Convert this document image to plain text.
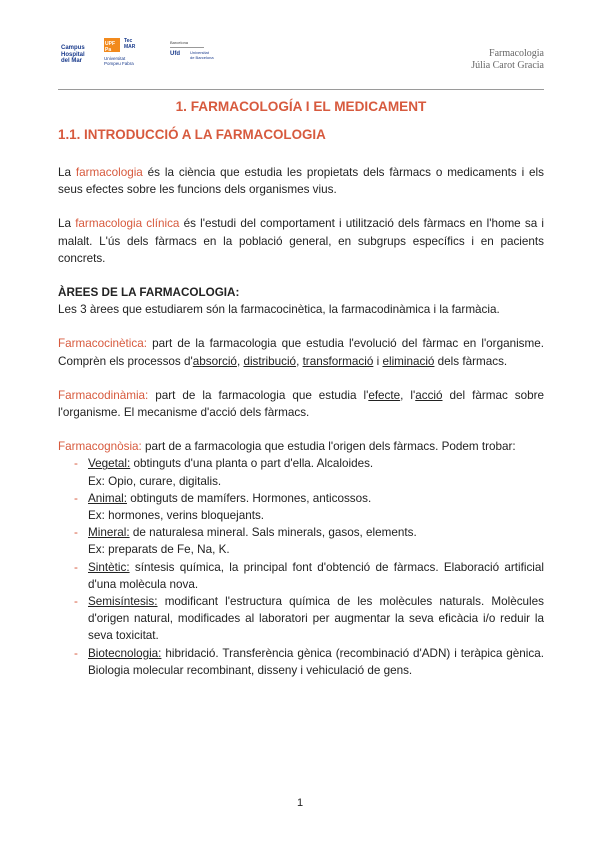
Campus
Hospital
del Mar
UPF Pa
Tec
MAR
Universitat
Pompeu Fabra
Barcelona
Ufd	Universitat
de Barcelona	Farmacologia
Júlia Carot Gracia
1. FARMACOLOGÍA I EL MEDICAMENT
1.1. INTRODUCCIÓ A LA FARMACOLOGIA

La farmacologia és la ciència que estudia les propietats dels fàrmacs o medicaments i els seus efectes sobre les funcions dels organismes vius.

La farmacologia clínica és l'estudi del comportament i utilització dels fàrmacs en l'home sa i malalt. L'ús dels fàrmacs en la població general, en subgrups específics i en pacients concrets.

ÀREES DE LA FARMACOLOGIA:

Les 3 àrees que estudiarem són la farmacocinètica, la farmacodinàmica i la farmàcia.

Farmacocinètica: part de la farmacologia que estudia l'evolució del fàrmac en l'organisme. Comprèn els processos d'absorció, distribució, transformació i eliminació dels fàrmacs.

Farmacodinàmia: part de la farmacologia que estudia l'efecte, l'acció del fàrmac sobre l'organisme. El mecanisme d'acció dels fàrmacs.

Farmacognòsia: part de a farmacologia que estudia l'origen dels fàrmacs. Podem trobar:

- Vegetal: obtinguts d'una planta o part d'ella. Alcaloides.
Ex: Opio, curare, digitalis.
- Animal: obtinguts de mamífers. Hormones, anticossos.
Ex: hormones, verins bloquejants.
- Mineral: de naturalesa mineral. Sals minerals, gasos, elements.
Ex: preparats de Fe, Na, K.
- Sintètic: síntesis química, la principal font d'obtenció de fàrmacs. Elaboració artificial d'una molècula nova.
- Semisíntesis: modificant l'estructura química de les molècules naturals. Molècules d'origen natural, modificades al laboratori per augmentar la seva eficàcia i/o reduir la seva toxicitat.
- Biotecnologia: hibridació. Transferència gènica (recombinació d'ADN) i teràpica gènica. Biologia molecular recombinant, disseny i vehiculació de gens.
1
